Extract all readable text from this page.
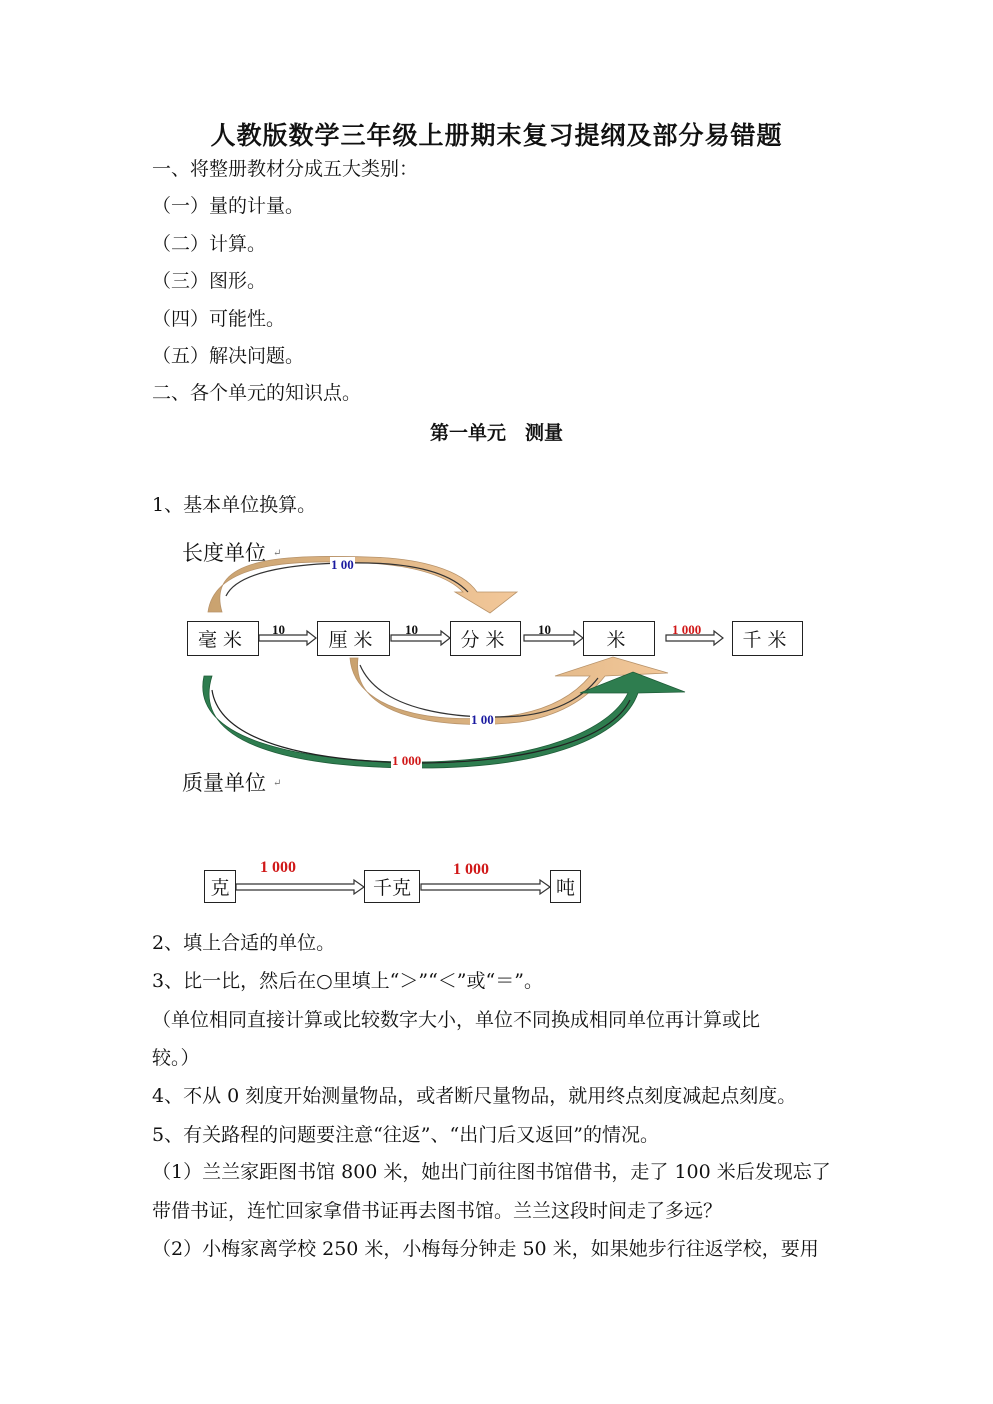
人教版数学三年级上册期末复习提纲及部分易错题
一、将整册教材分成五大类别：
（一）量的计量。
（二）计算。
（三）图形。
（四）可能性。
（五）解决问题。
二、各个单元的知识点。
第一单元　测量
1、基本单位换算。
长度单位 ↵
毫米	厘米	分米	米	千米
10	10	10	1 000
1 00
1 00
1 000
质量单位 ↵
克	千克	吨
1 000	1 000
2、填上合适的单位。
3、比一比，然后在○里填上“＞”“＜”或“＝”。
（单位相同直接计算或比较数字大小，单位不同换成相同单位再计算或比
较。）
4、不从 0 刻度开始测量物品，或者断尺量物品，就用终点刻度减起点刻度。
5、有关路程的问题要注意“往返”、“出门后又返回”的情况。
（1）兰兰家距图书馆 800 米，她出门前往图书馆借书，走了 100 米后发现忘了
带借书证，连忙回家拿借书证再去图书馆。兰兰这段时间走了多远？
（2）小梅家离学校 250 米，小梅每分钟走 50 米，如果她步行往返学校，要用
